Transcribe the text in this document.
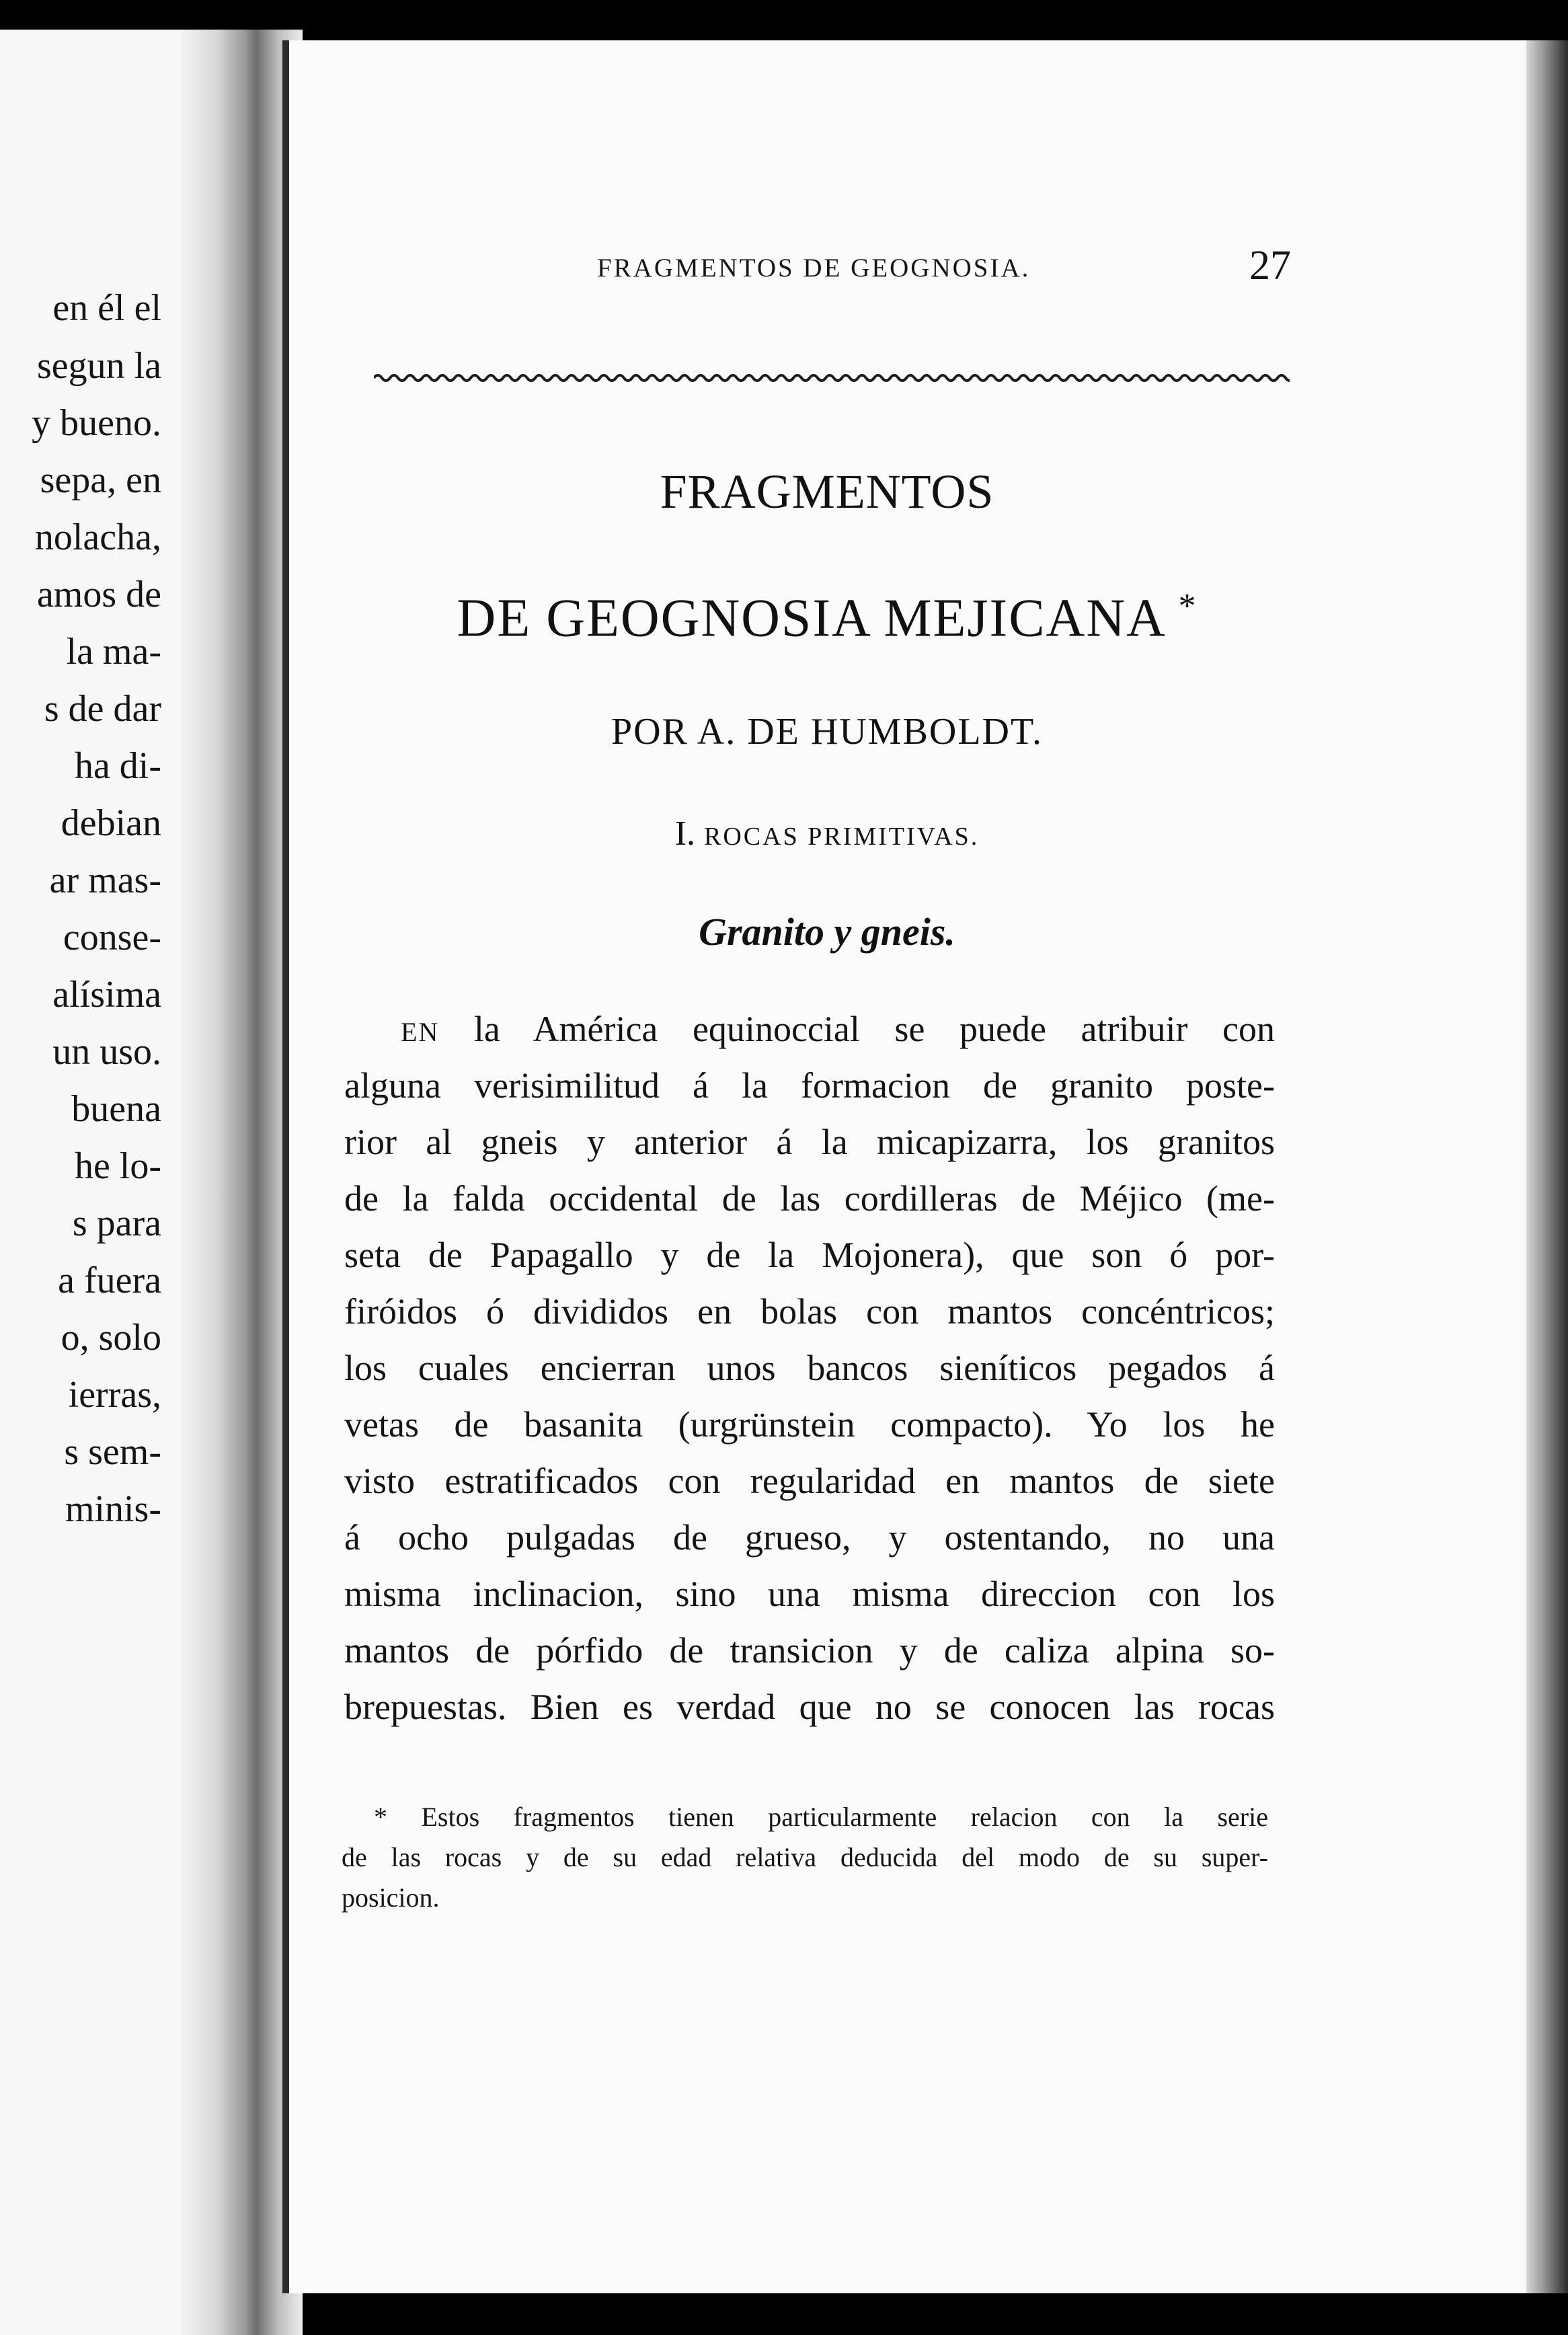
en él el
segun la
y bueno.
sepa, en
nolacha,
amos de
la ma-
s de dar
ha di-
debian
ar mas-
conse-
alísima
un uso.
buena
he lo-
s para
a fuera
o, solo
ierras,
s sem-
minis-
FRAGMENTOS DE GEOGNOSIA.	27
FRAGMENTOS
DE GEOGNOSIA MEJICANA *
POR A. DE HUMBOLDT.
I. ROCAS PRIMITIVAS.
Granito y gneis.
EN la América equinoccial se puede atribuir con
alguna verisimilitud á la formacion de granito poste-
rior al gneis y anterior á la micapizarra, los granitos
de la falda occidental de las cordilleras de Méjico (me-
seta de Papagallo y de la Mojonera), que son ó por-
firóidos ó divididos en bolas con mantos concéntricos;
los cuales encierran unos bancos sieníticos pegados á
vetas de basanita (urgrünstein compacto). Yo los he
visto estratificados con regularidad en mantos de siete
á ocho pulgadas de grueso, y ostentando, no una
misma inclinacion, sino una misma direccion con los
mantos de pórfido de transicion y de caliza alpina so-
brepuestas. Bien es verdad que no se conocen las rocas
* Estos fragmentos tienen particularmente relacion con la serie
de las rocas y de su edad relativa deducida del modo de su super-
posicion.
